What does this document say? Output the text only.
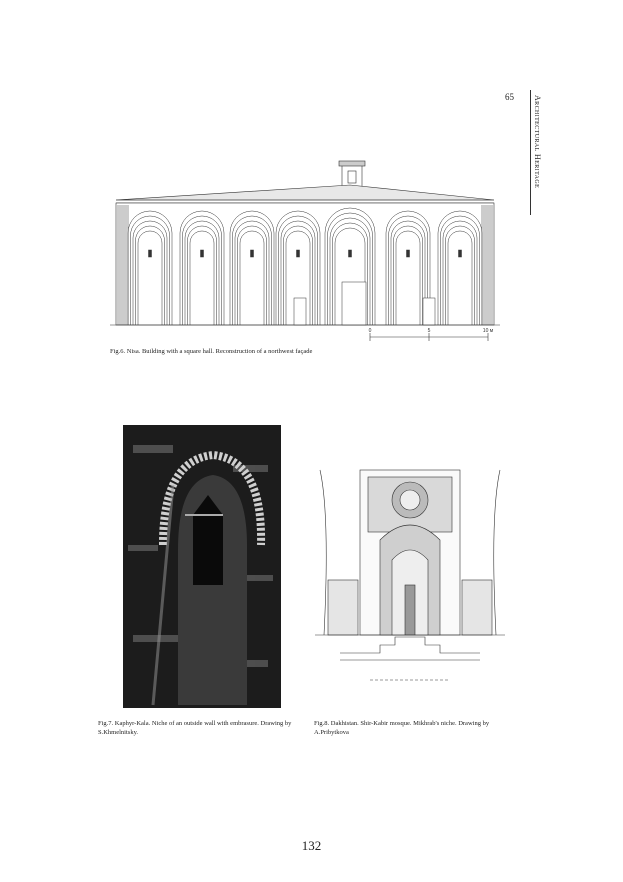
65 Architectural Heritage
0	5	10 м
Fig.6. Nisa. Building with a square hall. Reconstruction of a northwest façade
Fig.7. Kaphyr-Kala. Niche of an outside wall with embrasure. Drawing by S.Khmelnitsky.
Fig.8. Dakhistan. Shir-Kabir mosque. Mikhrab's niche. Drawing by A.Pribytkova
132
